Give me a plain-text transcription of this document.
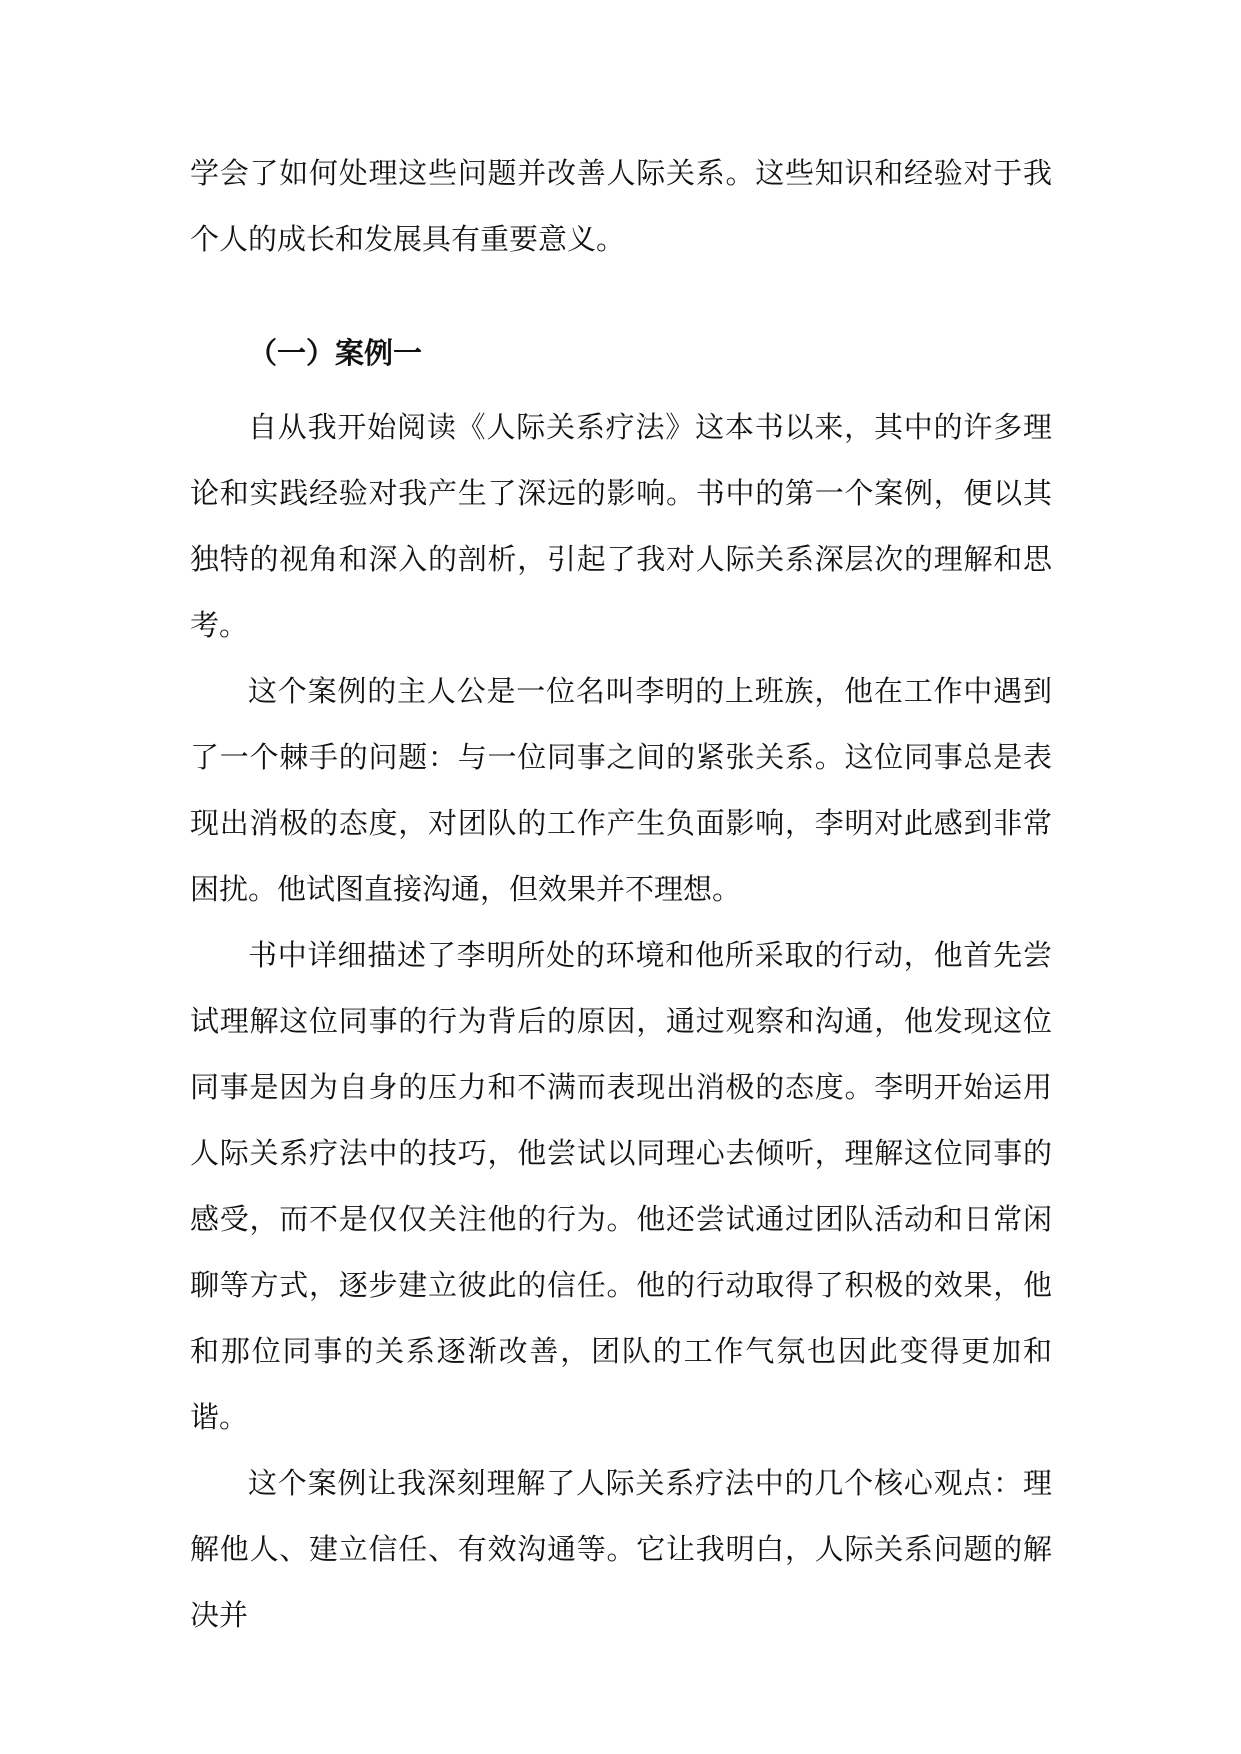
学会了如何处理这些问题并改善人际关系。这些知识和经验对于我个人的成长和发展具有重要意义。

（一）案例一

自从我开始阅读《人际关系疗法》这本书以来，其中的许多理论和实践经验对我产生了深远的影响。书中的第一个案例，便以其独特的视角和深入的剖析，引起了我对人际关系深层次的理解和思考。

这个案例的主人公是一位名叫李明的上班族，他在工作中遇到了一个棘手的问题：与一位同事之间的紧张关系。这位同事总是表现出消极的态度，对团队的工作产生负面影响，李明对此感到非常困扰。他试图直接沟通，但效果并不理想。

书中详细描述了李明所处的环境和他所采取的行动，他首先尝试理解这位同事的行为背后的原因，通过观察和沟通，他发现这位同事是因为自身的压力和不满而表现出消极的态度。李明开始运用人际关系疗法中的技巧，他尝试以同理心去倾听，理解这位同事的感受，而不是仅仅关注他的行为。他还尝试通过团队活动和日常闲聊等方式，逐步建立彼此的信任。他的行动取得了积极的效果，他和那位同事的关系逐渐改善，团队的工作气氛也因此变得更加和谐。

这个案例让我深刻理解了人际关系疗法中的几个核心观点：理解他人、建立信任、有效沟通等。它让我明白，人际关系问题的解决并
